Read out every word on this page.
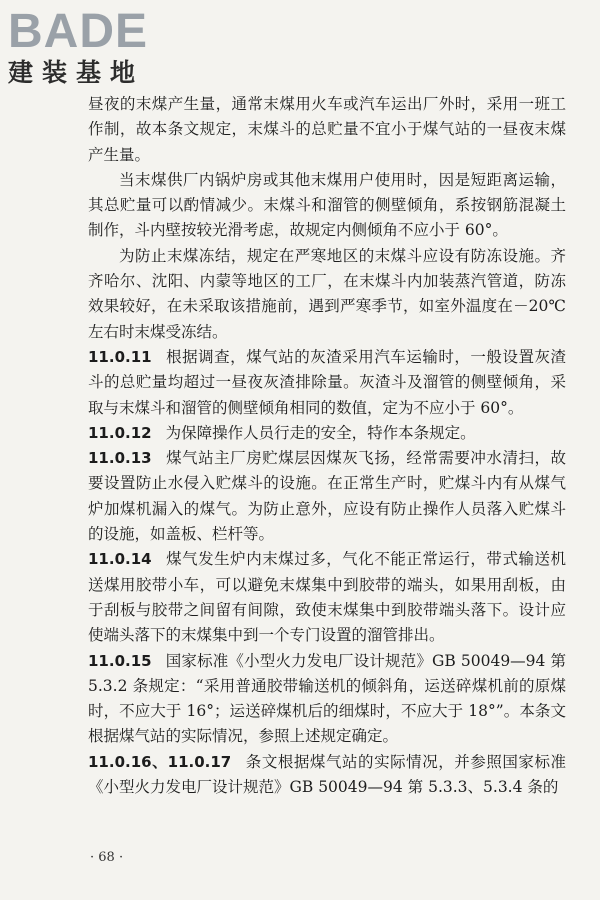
BADE
建装基地

昼夜的末煤产生量，通常末煤用火车或汽车运出厂外时，采用一班工作制，故本条文规定，末煤斗的总贮量不宜小于煤气站的一昼夜末煤产生量。

当末煤供厂内锅炉房或其他末煤用户使用时，因是短距离运输，其总贮量可以酌情减少。末煤斗和溜管的侧壁倾角，系按钢筋混凝土制作，斗内壁按较光滑考虑，故规定内侧倾角不应小于 60°。

为防止末煤冻结，规定在严寒地区的末煤斗应设有防冻设施。齐齐哈尔、沈阳、内蒙等地区的工厂，在末煤斗内加装蒸汽管道，防冻效果较好，在未采取该措施前，遇到严寒季节，如室外温度在－20℃左右时末煤受冻结。

11.0.11 根据调查，煤气站的灰渣采用汽车运输时，一般设置灰渣斗的总贮量均超过一昼夜灰渣排除量。灰渣斗及溜管的侧壁倾角，采取与末煤斗和溜管的侧壁倾角相同的数值，定为不应小于 60°。

11.0.12 为保障操作人员行走的安全，特作本条规定。

11.0.13 煤气站主厂房贮煤层因煤灰飞扬，经常需要冲水清扫，故要设置防止水侵入贮煤斗的设施。在正常生产时，贮煤斗内有从煤气炉加煤机漏入的煤气。为防止意外，应设有防止操作人员落入贮煤斗的设施，如盖板、栏杆等。

11.0.14 煤气发生炉内末煤过多，气化不能正常运行，带式输送机送煤用胶带小车，可以避免末煤集中到胶带的端头，如果用刮板，由于刮板与胶带之间留有间隙，致使末煤集中到胶带端头落下。设计应使端头落下的末煤集中到一个专门设置的溜管排出。

11.0.15 国家标准《小型火力发电厂设计规范》GB 50049—94 第 5.3.2 条规定：“采用普通胶带输送机的倾斜角，运送碎煤机前的原煤时，不应大于 16°；运送碎煤机后的细煤时，不应大于 18°”。本条文根据煤气站的实际情况，参照上述规定确定。

11.0.16、11.0.17 条文根据煤气站的实际情况，并参照国家标准《小型火力发电厂设计规范》GB 50049—94 第 5.3.3、5.3.4 条的

· 68 ·
